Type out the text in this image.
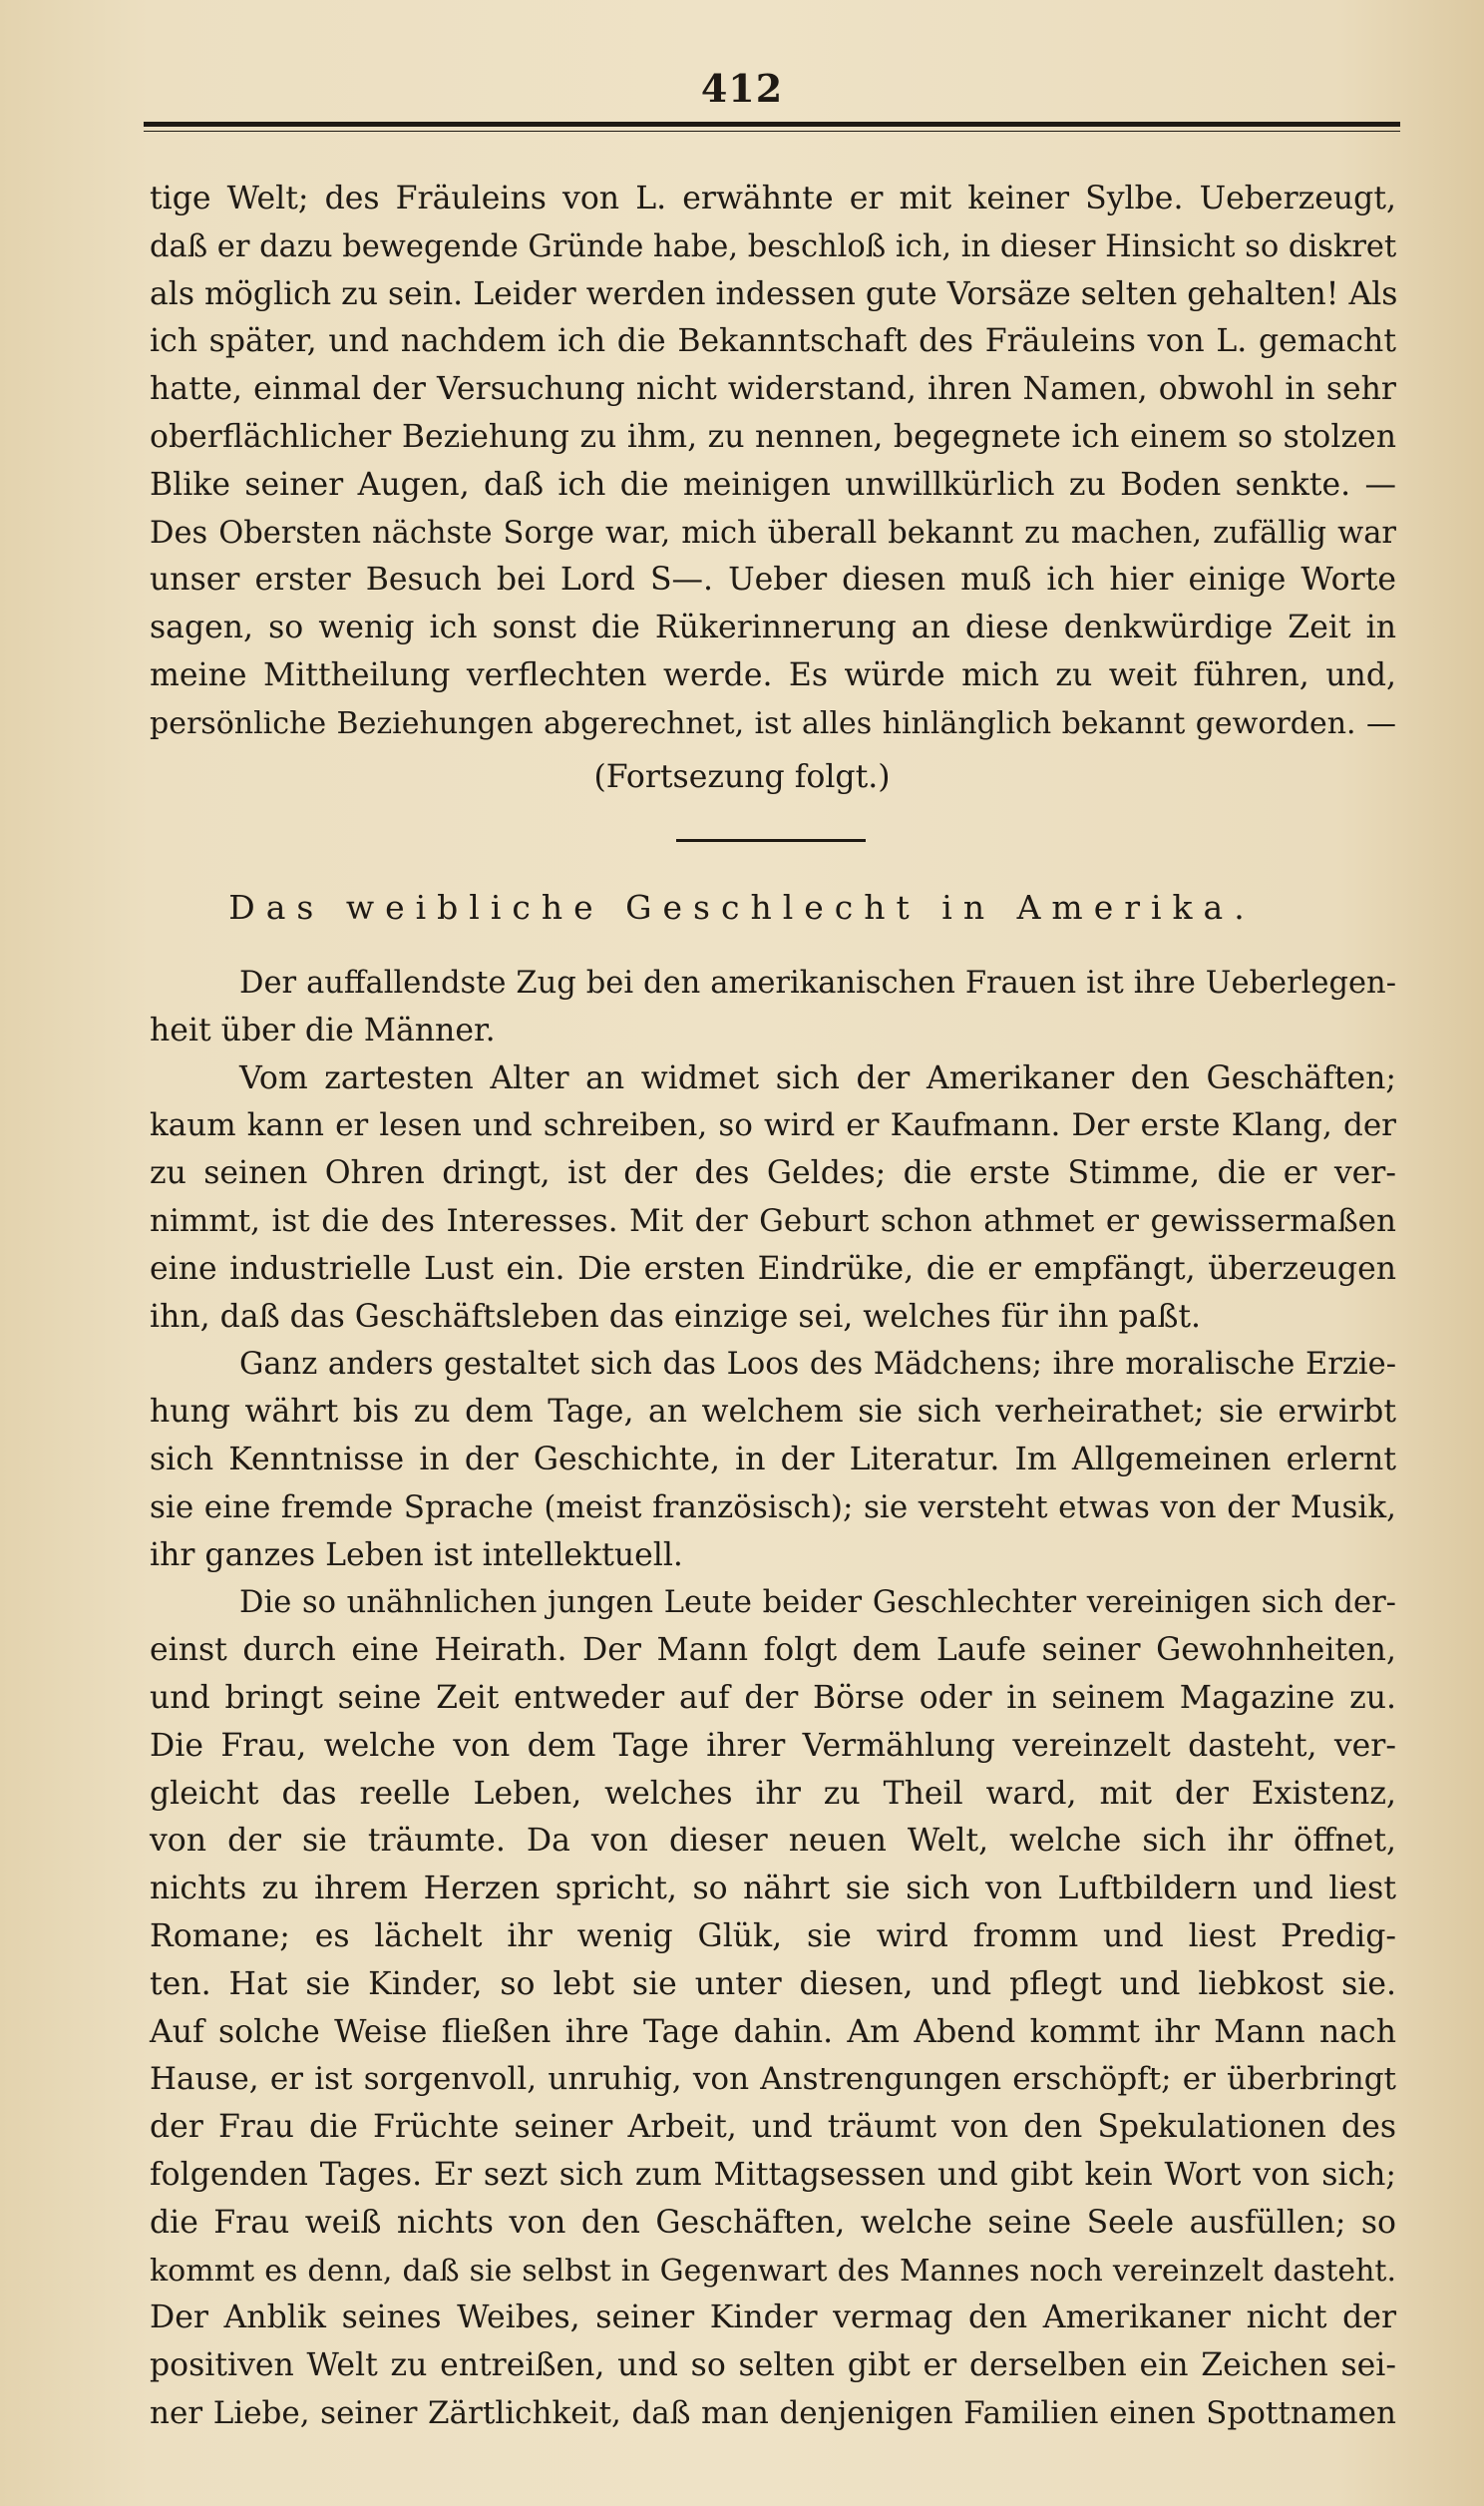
412
tige Welt; des Fräuleins von L. erwähnte er mit keiner Sylbe. Ueberzeugt,
daß er dazu bewegende Gründe habe, beschloß ich, in dieser Hinsicht so diskret
als möglich zu sein. Leider werden indessen gute Vorsäze selten gehalten! Als
ich später, und nachdem ich die Bekanntschaft des Fräuleins von L. gemacht
hatte, einmal der Versuchung nicht widerstand, ihren Namen, obwohl in sehr
oberflächlicher Beziehung zu ihm, zu nennen, begegnete ich einem so stolzen
Blike seiner Augen, daß ich die meinigen unwillkürlich zu Boden senkte. —
Des Obersten nächste Sorge war, mich überall bekannt zu machen, zufällig war
unser erster Besuch bei Lord S—. Ueber diesen muß ich hier einige Worte
sagen, so wenig ich sonst die Rükerinnerung an diese denkwürdige Zeit in
meine Mittheilung verflechten werde. Es würde mich zu weit führen, und,
persönliche Beziehungen abgerechnet, ist alles hinlänglich bekannt geworden. —
(Fortsezung folgt.)
Das weibliche Geschlecht in Amerika.

Der auffallendste Zug bei den amerikanischen Frauen ist ihre Ueberlegen-
heit über die Männer.

Vom zartesten Alter an widmet sich der Amerikaner den Geschäften;
kaum kann er lesen und schreiben, so wird er Kaufmann. Der erste Klang, der
zu seinen Ohren dringt, ist der des Geldes; die erste Stimme, die er ver-
nimmt, ist die des Interesses. Mit der Geburt schon athmet er gewissermaßen
eine industrielle Lust ein. Die ersten Eindrüke, die er empfängt, überzeugen
ihn, daß das Geschäftsleben das einzige sei, welches für ihn paßt.

Ganz anders gestaltet sich das Loos des Mädchens; ihre moralische Erzie-
hung währt bis zu dem Tage, an welchem sie sich verheirathet; sie erwirbt
sich Kenntnisse in der Geschichte, in der Literatur. Im Allgemeinen erlernt
sie eine fremde Sprache (meist französisch); sie versteht etwas von der Musik,
ihr ganzes Leben ist intellektuell.

Die so unähnlichen jungen Leute beider Geschlechter vereinigen sich der-
einst durch eine Heirath. Der Mann folgt dem Laufe seiner Gewohnheiten,
und bringt seine Zeit entweder auf der Börse oder in seinem Magazine zu.
Die Frau, welche von dem Tage ihrer Vermählung vereinzelt dasteht, ver-
gleicht das reelle Leben, welches ihr zu Theil ward, mit der Existenz,
von der sie träumte. Da von dieser neuen Welt, welche sich ihr öffnet,
nichts zu ihrem Herzen spricht, so nährt sie sich von Luftbildern und liest
Romane; es lächelt ihr wenig Glük, sie wird fromm und liest Predig-
ten. Hat sie Kinder, so lebt sie unter diesen, und pflegt und liebkost sie.
Auf solche Weise fließen ihre Tage dahin. Am Abend kommt ihr Mann nach
Hause, er ist sorgenvoll, unruhig, von Anstrengungen erschöpft; er überbringt
der Frau die Früchte seiner Arbeit, und träumt von den Spekulationen des
folgenden Tages. Er sezt sich zum Mittagsessen und gibt kein Wort von sich;
die Frau weiß nichts von den Geschäften, welche seine Seele ausfüllen; so
kommt es denn, daß sie selbst in Gegenwart des Mannes noch vereinzelt dasteht.
Der Anblik seines Weibes, seiner Kinder vermag den Amerikaner nicht der
positiven Welt zu entreißen, und so selten gibt er derselben ein Zeichen sei-
ner Liebe, seiner Zärtlichkeit, daß man denjenigen Familien einen Spottnamen
